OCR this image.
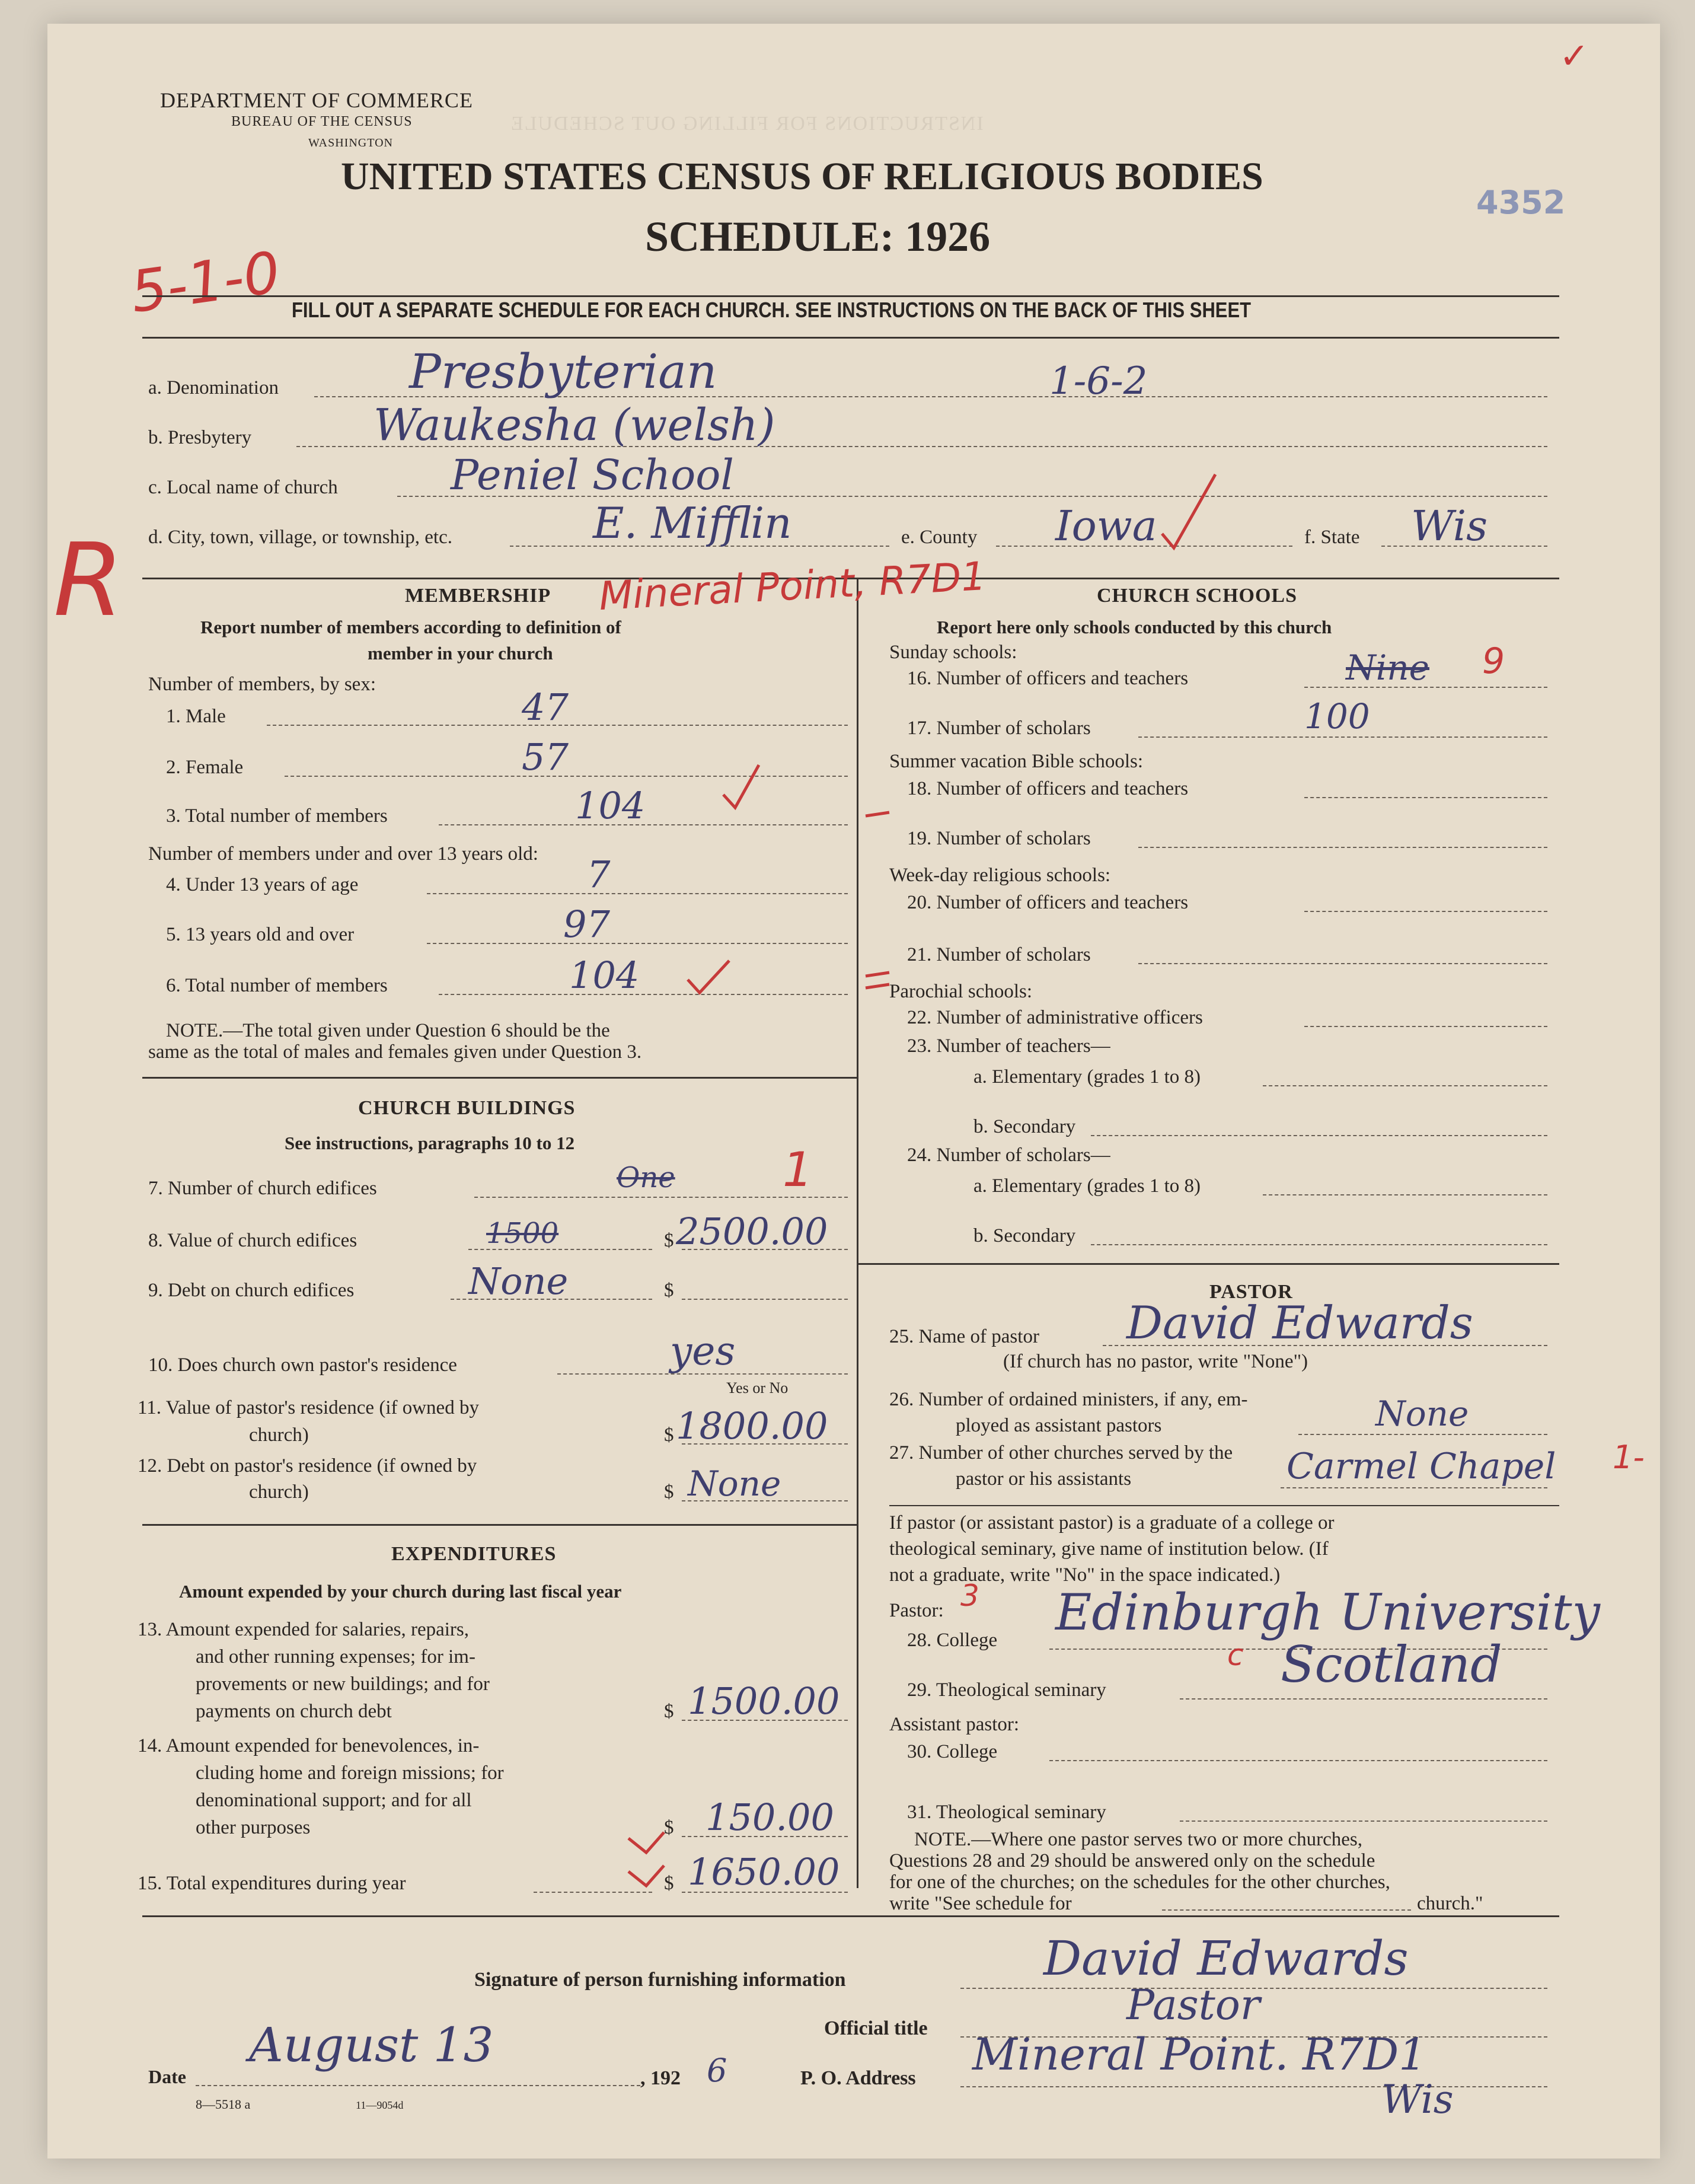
INSTRUCTIONS FOR FILLING OUT SCHEDULE
DEPARTMENT OF COMMERCE
BUREAU OF THE CENSUS
WASHINGTON
UNITED STATES CENSUS OF RELIGIOUS BODIES
SCHEDULE: 1926
4352
5-1-0
✓
R
FILL OUT A SEPARATE SCHEDULE FOR EACH CHURCH. SEE INSTRUCTIONS ON THE BACK OF THIS SHEET
a. Denomination	Presbyterian	1-6-2
b. Presbytery	Waukesha (welsh)
c. Local name of church	Peniel School
d. City, town, village, or township, etc.	E. Mifflin	e. County Iowa	f. State Wis
MEMBERSHIP Mineral Point, R7D1
Report number of members according to definition of
member in your church
Number of members, by sex:
1. Male	47
2. Female	57
3. Total number of members	104
Number of members under and over 13 years old:
4. Under 13 years of age	7
5. 13 years old and over	97
6. Total number of members	104
NOTE.—The total given under Question 6 should be the
same as the total of males and females given under Question 3.
CHURCH BUILDINGS
See instructions, paragraphs 10 to 12
7. Number of church edifices	One 1
8. Value of church edifices	1500	$ 2500.00
9. Debt on church edifices	None	$
10. Does church own pastor's residence	yes
Yes or No
11. Value of pastor's residence (if owned by
church)	$ 1800.00
12. Debt on pastor's residence (if owned by
church)	$ None
EXPENDITURES
Amount expended by your church during last fiscal year
13. Amount expended for salaries, repairs,
and other running expenses; for im-
provements or new buildings; and for
payments on church debt	$ 1500.00
14. Amount expended for benevolences, in-
cluding home and foreign missions; for
denominational support; and for all
other purposes	$ 150.00
15. Total expenditures during year	$ 1650.00
CHURCH SCHOOLS
Report here only schools conducted by this church
Sunday schools:
16. Number of officers and teachers	Nine 9
17. Number of scholars	100
Summer vacation Bible schools:
18. Number of officers and teachers
19. Number of scholars
Week-day religious schools:
20. Number of officers and teachers
21. Number of scholars
Parochial schools:
22. Number of administrative officers
23. Number of teachers—
a. Elementary (grades 1 to 8)
b. Secondary
24. Number of scholars—
a. Elementary (grades 1 to 8)
b. Secondary
PASTOR
25. Name of pastor David Edwards
(If church has no pastor, write "None")
26. Number of ordained ministers, if any, em-
ployed as assistant pastors	None
27. Number of other churches served by the
pastor or his assistants	Carmel Chapel 1-
If pastor (or assistant pastor) is a graduate of a college or
theological seminary, give name of institution below. (If
not a graduate, write "No" in the space indicated.)
Pastor: 3
28. College Edinburgh University
29. Theological seminary
c Scotland
Assistant pastor:
30. College
31. Theological seminary
NOTE.—Where one pastor serves two or more churches,
Questions 28 and 29 should be answered only on the schedule
for one of the churches; on the schedules for the other churches,
write "See schedule for	church."
Signature of person furnishing information	David Edwards
Official title	Pastor
Date
August 13
, 192 6	P. O. Address Mineral Point. R7D1
Wis
8—5518 a	11—9054d
